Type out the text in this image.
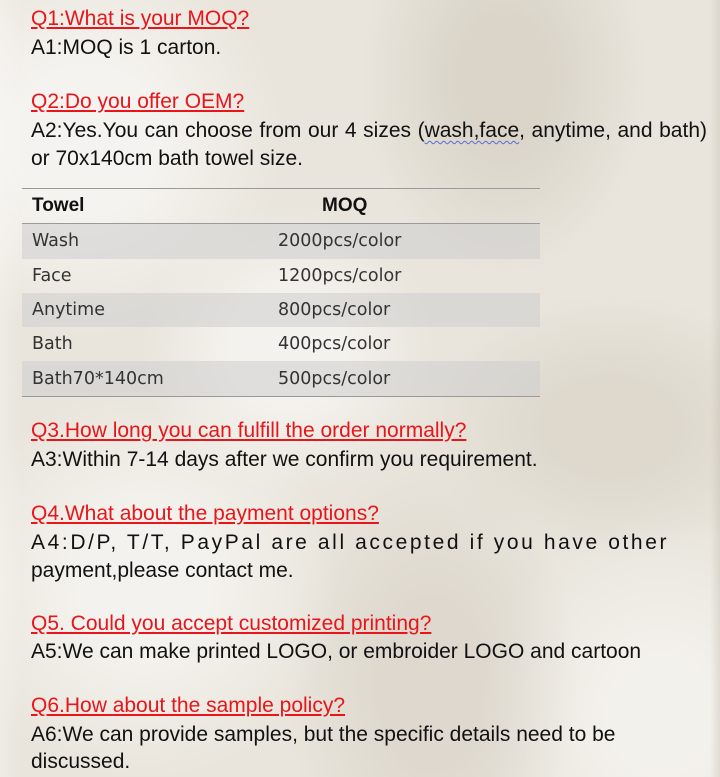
Q1:What is your MOQ?
A1:MOQ is 1 carton.
Q2:Do you offer OEM?
A2:Yes.You can choose from our 4 sizes (wash,face, anytime, and bath) or 70x140cm bath towel size.
Towel	MOQ
Wash	2000pcs/color
Face	1200pcs/color
Anytime	800pcs/color
Bath	400pcs/color
Bath70*140cm	500pcs/color
Q3.How long you can fulfill the order normally?
A3:Within 7-14 days after we confirm you requirement.
Q4.What about the payment options?
A4:D/P, T/T, PayPal are all accepted if you have other
payment,please contact me.
Q5. Could you accept customized printing?
A5:We can make printed LOGO, or embroider LOGO and cartoon
Q6.How about the sample policy?
A6:We can provide samples, but the specific details need to be
discussed.
